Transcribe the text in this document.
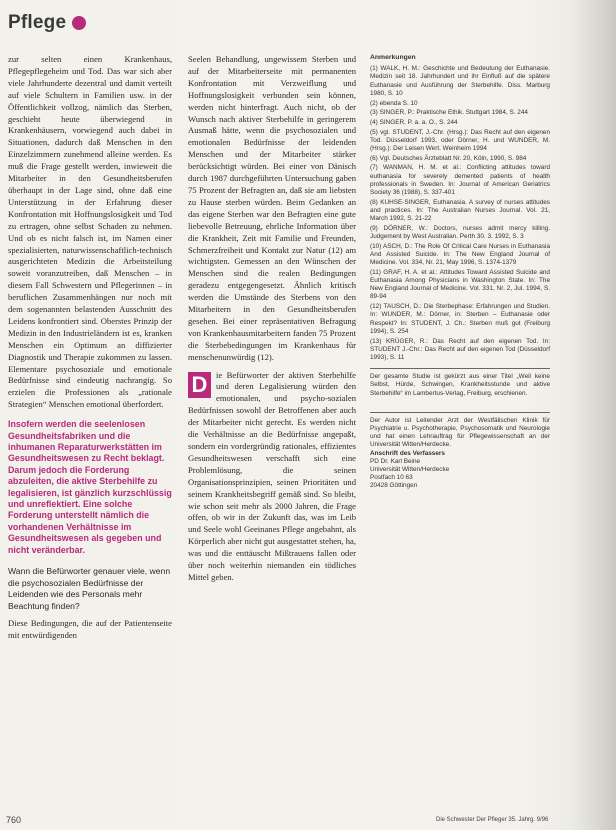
Pflege

zur selten einen Krankenhaus, Pflegepflegeheim und Tod. Das war sich aber viele Jahrhunderte dezentral und damit verteilt auf viele Schultern in Familien usw. in der Öffentlichkeit vollzog, nämlich das Sterben, geschieht heute überwiegend in Krankenhäusern, vorwiegend auch dabei in Situationen, dadurch daß Menschen in den Einzelzimmern zunehmend alleine werden. Es muß die Frage gestellt werden, inwieweit die Mitarbeiter in den Gesundheitsberufen überhaupt in der Lage sind, ohne daß eine Unterstützung in der Erfahrung dieser Konfrontation mit Hoffnungslosigkeit und Tod zu ertragen, ohne selbst Schaden zu nehmen. Und ob es nicht falsch ist, im Namen einer spezialisierten, naturwissenschaftlich-technisch ausgerichteten Medizin die Arbeitsteilung soweit voranzutreiben, daß Menschen – in diesem Fall Schwestern und Pflegerinnen – in beruflichen Zusammenhängen nur noch mit dem sogenannten belastenden Ausschnitt des Leidens konfrontiert sind. Oberstes Prinzip der Medizin in den Industrieländern ist es, kranken Menschen ein Optimum an diffizierter Diagnostik und Therapie zukommen zu lassen. Elementare psychosoziale und emotionale Bedürfnisse sind eindeutig nachrangig. So erzielen die Professionen als „rationale Strategien“ Menschen emotional überfordert.

Insofern werden die seelenlosen Gesundheitsfabriken und die inhumanen Reparaturwerkstätten im Gesundheitswesen zu Recht beklagt. Darum jedoch die Forderung abzuleiten, die aktive Sterbehilfe zu legalisieren, ist gänzlich kurzschlüssig und unreflektiert. Eine solche Forderung unterstellt nämlich die vorhandenen Verhältnisse im Gesundheitswesen als gegeben und nicht veränderbar.

Wann die Befürworter genauer viele, wenn die psychosozialen Bedürfnisse der Leidenden wie des Personals mehr Beachtung finden?

Diese Bedingungen, die auf der Patientenseite mit entwürdigenden

Seelen Behandlung, ungewissem Sterben und auf der Mitarbeiterseite mit permanenten Konfrontation mit Verzweiflung und Hoffnungslosigkeit verbunden sein können, werden nicht hinterfragt. Auch nicht, ob der Wunsch nach aktiver Sterbehilfe in geringerem Ausmaß hätte, wenn die psychosozialen und emotionalen Bedürfnisse der leidenden Menschen und der Mitarbeiter stärker berücksichtigt würden. Bei einer von Dänisch durch 1987 durchgeführten Untersuchung gaben 75 Prozent der Befragten an, daß sie am liebsten zu Hause sterben würden. Beim Gedanken an das eigene Sterben war den Befragten eine gute liebevolle Betreuung, ehrliche Information über die Krankheit, Zeit mit Familie und Freunden, Schmerzfreiheit und Kontakt zur Natur (12) am wichtigsten. Gemessen an den Wünschen der Menschen sind die realen Bedingungen geradezu entgegengesetzt. Ähnlich kritisch werden die Umstände des Sterbens von den Mitarbeitern in den Gesundheitsberufen gesehen. Bei einer repräsentativen Befragung von Krankenhausmitarbeitern fanden 75 Prozent die Sterbebedingungen im Krankenhaus für menschenunwürdig (12).

D ie Befürworter der aktiven Sterbehilfe und deren Legalisierung würden den emotionalen, und psycho-sozialen Bedürfnissen sowohl der Betroffenen aber auch der Mitarbeiter nicht gerecht. Es werden nicht die Verhältnisse an die Bedürfnisse angepaßt, sondern ein vordergründig rationales, effizientes Gesundheitswesen verschafft sich eine Problemlösung, die seinen Organisationsprinzipien, seinen Prioritäten und seinem Krankheitsbegriff gemäß sind. So bleibt, wie schon seit mehr als 2000 Jahren, die Frage offen, ob wir in der Zukunft das, was im Leib und Seele wohl Geeinanes Pflege angebahnt, als Körperlich aber nicht gut ausgestattet stehen, ha, was und die enttäuscht Mißtrauens fallen oder über noch weiterhin niemanden ein tödliches Mittel geben.

Anmerkungen

(1) WALK, H. M.: Geschichte und Bedeutung der Euthanasie. Medizin seit 18. Jahrhundert und ihr Einfluß auf die spätere Euthanasie und Ausführung der Sterbehilfe. Diss. Marburg 1980, S. 10

(2) ebenda S. 10

(3) SINGER, P.: Praktische Ethik. Stuttgart 1984, S. 244

(4) SINGER, P. a. a. O., S. 244

(5) vgl. STUDENT, J.-Chr. (Hrsg.): Das Recht auf den eigenen Tod. Düsseldorf 1993, oder Dörner, H. und WUNDER, M. (Hrsg.): Der Leisen Wert. Weinheim 1994

(6) Vgl. Deutsches Ärzteblatt Nr. 20, Köln, 1990, S. 984

(7) WANMAN, H. M. et al.: Conflicting attitudes toward euthanasia for severely demented patients of health professionals in Sweden. In: Journal of American Geriatrics Society 36 (1988), S. 337-401

(8) KUHSE-SINGER, Euthanasia. A survey of nurses attitudes and practices. In: The Australian Nurses Journal. Vol. 21, March 1992, S. 21-22

(9) DÖRNER, W.: Doctors, nurses admit mercy killing. Judgement by West Australian. Perth 30. 3. 1992, S. 3

(10) ASCH, D.: The Role Of Critical Care Nurses in Euthanasia And Assisted Suicide. In: The New England Journal of Medicine. Vol. 334, Nr. 21, May 1996, S. 1374-1379

(11) GRAF, H. A. et al.: Attitudes Toward Assisted Suicide and Euthanasia Among Physicians in Washington State. In: The New England Journal of Medicine. Vol. 331, Nr. 2, Jul. 1994, S. 89-94

(12) TAUSCH, D.: Die Sterbephase: Erfahrungen und Studien. In: WUNDER, M.: Dörner, in: Sterben – Euthanasie oder Respekt? In: STUDENT, J. Ch.: Sterben muß gut (Freiburg 1994), S. 254

(13) KRÜGER, R.: Das Recht auf den eigenen Tod. In: STUDENT J.-Chr.: Das Recht auf den eigenen Tod (Düsseldorf 1993), S. 11

Der gesamte Studie ist gekürzt aus einer Titel „Weil keine Selbst, Hürde, Schwingen, Krankheitsstunde und aktive Sterbehilfe“ im Lambertus-Verlag, Freiburg, erschienen.

Der Autor ist Leitender Arzt der Westfälischen Klinik für Psychiatrie u. Psychotherapie, Psychosomatik und Neurologie und hat einen Lehrauftrag für Pflegewissenschaft an der Universität Witten/Herdecke.

Anschrift des Verfassers

PD Dr. Karl Beine

Universität Witten/Herdecke

Postfach 10 63

20428 Göttingen

760	Die Schwester Der Pfleger 35. Jahrg. 9/96
